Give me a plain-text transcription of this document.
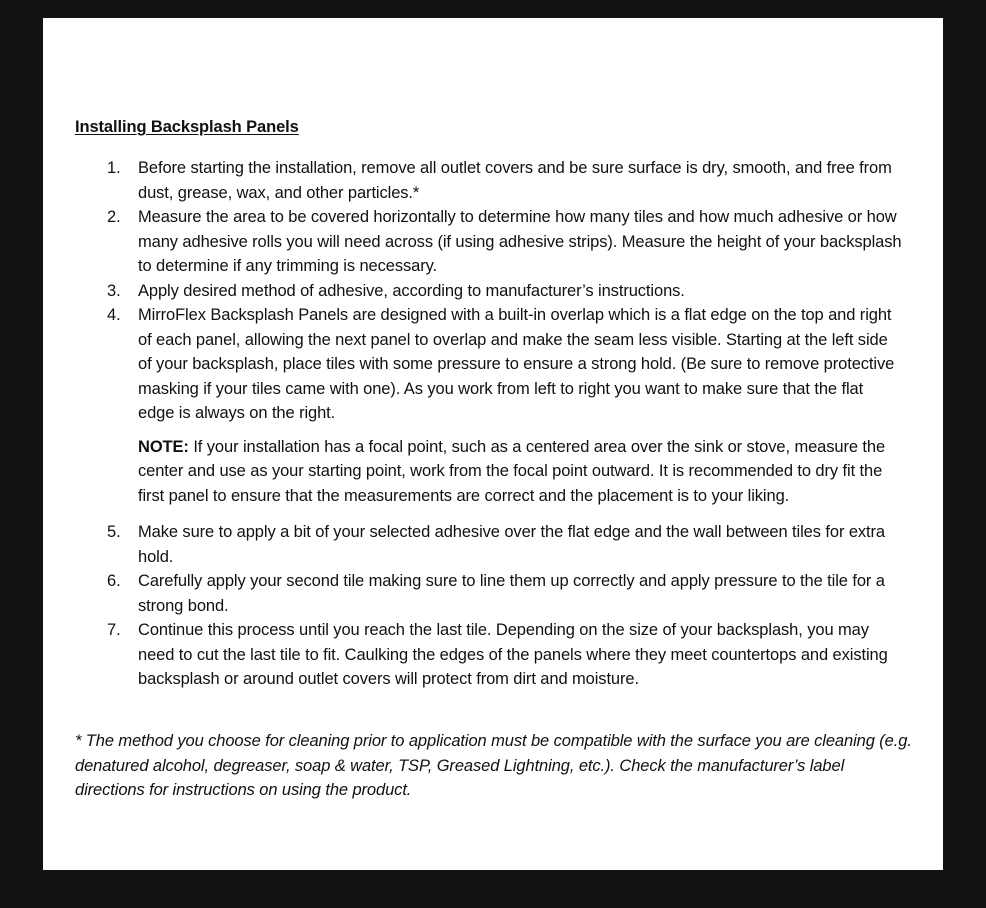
Installing Backsplash Panels

1.	Before starting the installation, remove all outlet covers and be sure surface is dry, smooth, and free from dust, grease, wax, and other particles.*
2.	Measure the area to be covered horizontally to determine how many tiles and how much adhesive or how many adhesive rolls you will need across (if using adhesive strips). Measure the height of your backsplash to determine if any trimming is necessary.
3.	Apply desired method of adhesive, according to manufacturer’s instructions.
4.	MirroFlex Backsplash Panels are designed with a built-in overlap which is a flat edge on the top and right of each panel, allowing the next panel to overlap and make the seam less visible. Starting at the left side of your backsplash, place tiles with some pressure to ensure a strong hold. (Be sure to remove protective masking if your tiles came with one). As you work from left to right you want to make sure that the flat edge is always on the right.
NOTE: If your installation has a focal point, such as a centered area over the sink or stove, measure the center and use as your starting point, work from the focal point outward. It is recommended to dry fit the first panel to ensure that the measurements are correct and the placement is to your liking.
5.	Make sure to apply a bit of your selected adhesive over the flat edge and the wall between tiles for extra hold.
6.	Carefully apply your second tile making sure to line them up correctly and apply pressure to the tile for a strong bond.
7.	Continue this process until you reach the last tile. Depending on the size of your backsplash, you may need to cut the last tile to fit. Caulking the edges of the panels where they meet countertops and existing backsplash or around outlet covers will protect from dirt and moisture.

* The method you choose for cleaning prior to application must be compatible with the surface you are cleaning (e.g. denatured alcohol, degreaser, soap & water, TSP, Greased Lightning, etc.). Check the manufacturer’s label directions for instructions on using the product.
